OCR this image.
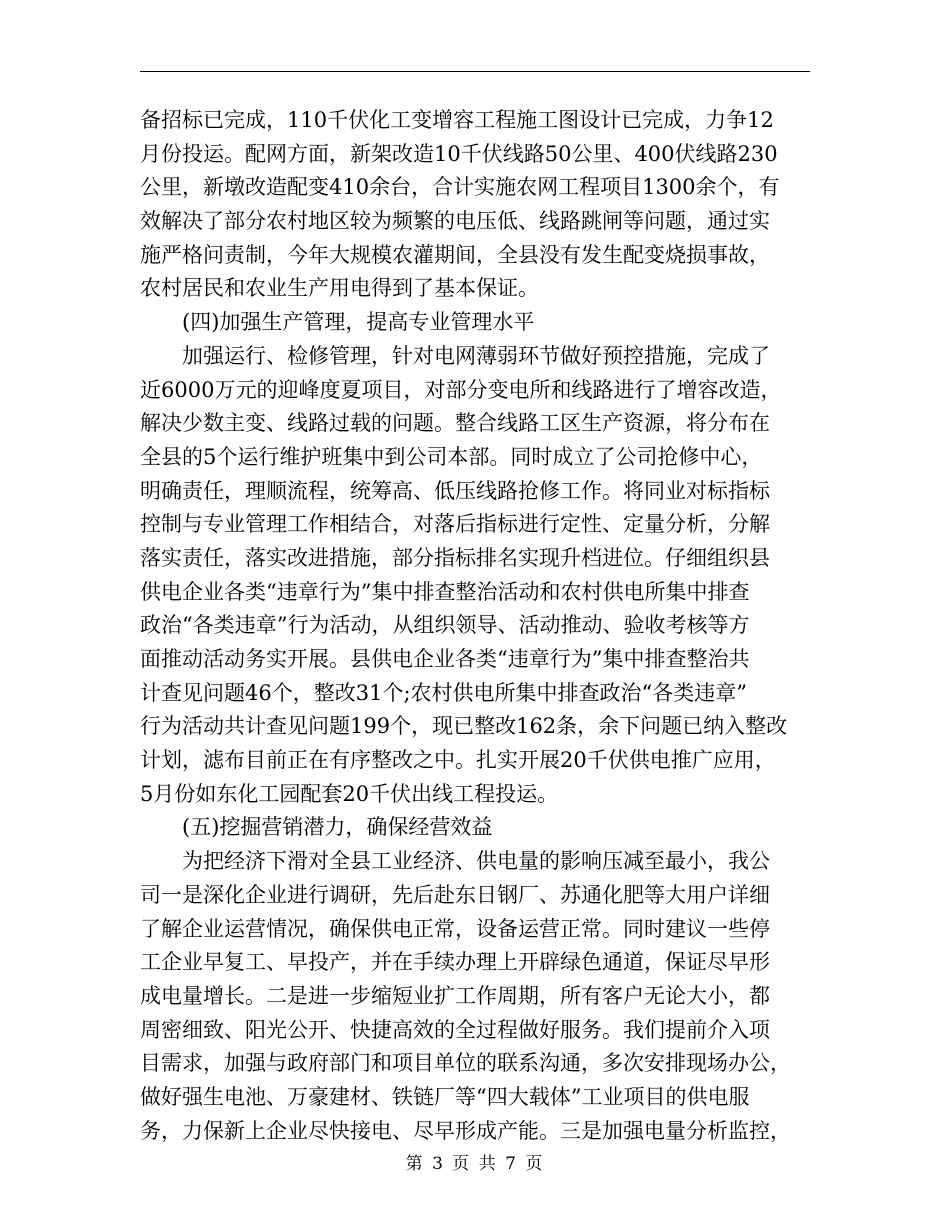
备招标已完成，110千伏化工变增容工程施工图设计已完成，力争12
月份投运。配网方面，新架改造10千伏线路50公里、400伏线路230
公里，新墩改造配变410余台，合计实施农网工程项目1300余个，有
效解决了部分农村地区较为频繁的电压低、线路跳闸等问题，通过实
施严格问责制，今年大规模农灌期间，全县没有发生配变烧损事故，
农村居民和农业生产用电得到了基本保证。
(四)加强生产管理，提高专业管理水平
加强运行、检修管理，针对电网薄弱环节做好预控措施，完成了
近6000万元的迎峰度夏项目，对部分变电所和线路进行了增容改造，
解决少数主变、线路过载的问题。整合线路工区生产资源，将分布在
全县的5个运行维护班集中到公司本部。同时成立了公司抢修中心，
明确责任，理顺流程，统筹高、低压线路抢修工作。将同业对标指标
控制与专业管理工作相结合，对落后指标进行定性、定量分析，分解
落实责任，落实改进措施，部分指标排名实现升档进位。仔细组织县
供电企业各类“违章行为”集中排查整治活动和农村供电所集中排查
政治“各类违章”行为活动，从组织领导、活动推动、验收考核等方
面推动活动务实开展。县供电企业各类“违章行为”集中排查整治共
计查见问题46个，整改31个;农村供电所集中排查政治“各类违章”
行为活动共计查见问题199个，现已整改162条，余下问题已纳入整改
计划，滤布目前正在有序整改之中。扎实开展20千伏供电推广应用，
5月份如东化工园配套20千伏出线工程投运。
(五)挖掘营销潜力，确保经营效益
为把经济下滑对全县工业经济、供电量的影响压减至最小，我公
司一是深化企业进行调研，先后赴东日钢厂、苏通化肥等大用户详细
了解企业运营情况，确保供电正常，设备运营正常。同时建议一些停
工企业早复工、早投产，并在手续办理上开辟绿色通道，保证尽早形
成电量增长。二是进一步缩短业扩工作周期，所有客户无论大小，都
周密细致、阳光公开、快捷高效的全过程做好服务。我们提前介入项
目需求，加强与政府部门和项目单位的联系沟通，多次安排现场办公，
做好强生电池、万豪建材、铁链厂等“四大载体”工业项目的供电服
务，力保新上企业尽快接电、尽早形成产能。三是加强电量分析监控，
第 3 页 共 7 页
